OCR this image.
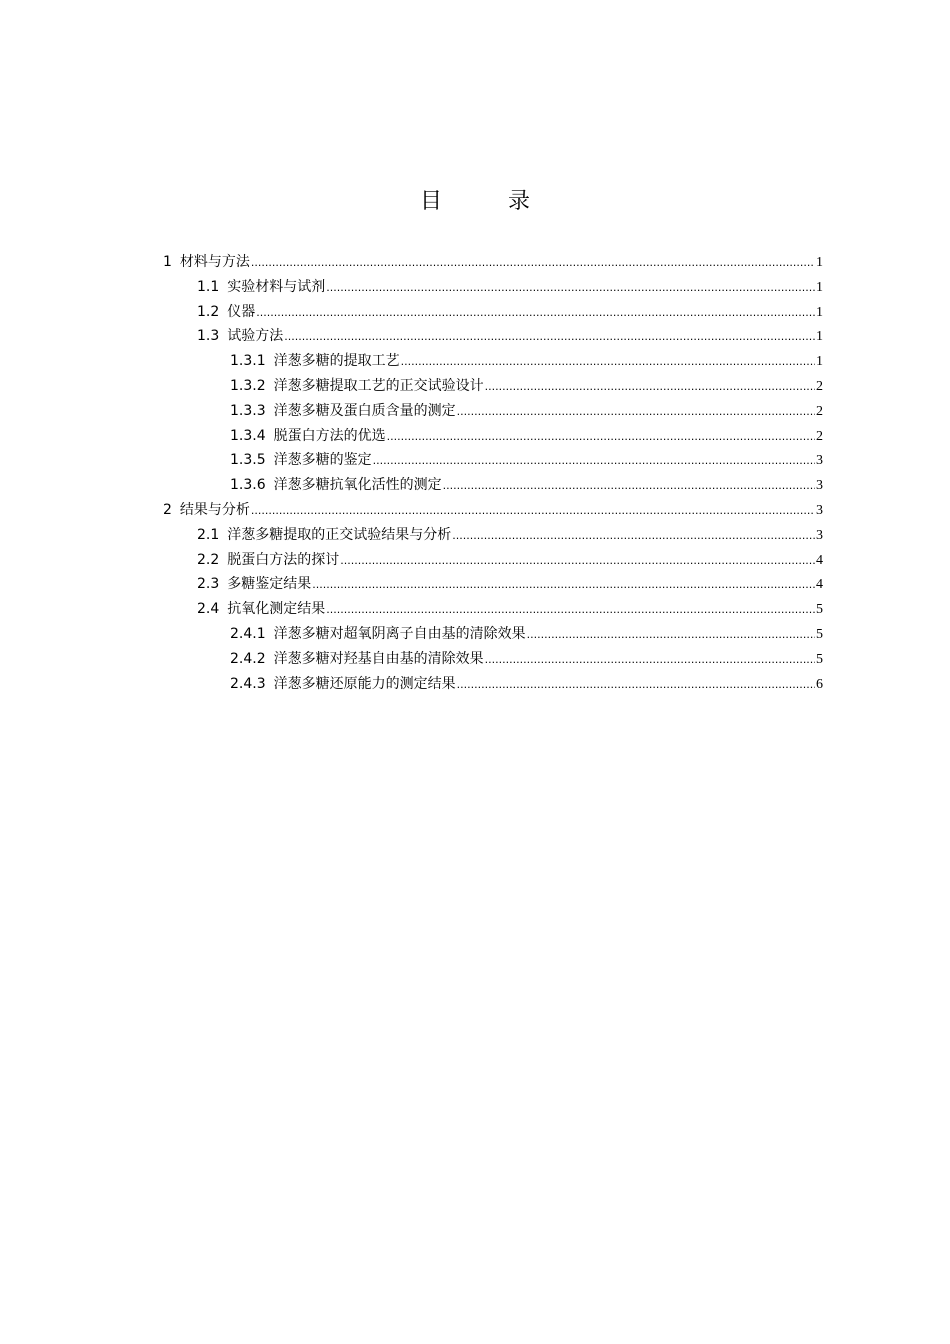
目　录
1 材料与方法 .....	1
1.1 实验材料与试剂 .....	1
1.2 仪器 .....	1
1.3 试验方法 .....	1
1.3.1 洋葱多糖的提取工艺 .....	1
1.3.2 洋葱多糖提取工艺的正交试验设计 .....	2
1.3.3 洋葱多糖及蛋白质含量的测定 .....	2
1.3.4 脱蛋白方法的优选 .....	2
1.3.5 洋葱多糖的鉴定 .....	3
1.3.6 洋葱多糖抗氧化活性的测定 .....	3
2 结果与分析 .....	3
2.1 洋葱多糖提取的正交试验结果与分析 .....	3
2.2 脱蛋白方法的探讨 .....	4
2.3 多糖鉴定结果 .....	4
2.4 抗氧化测定结果 .....	5
2.4.1 洋葱多糖对超氧阴离子自由基的清除效果 .....	5
2.4.2 洋葱多糖对羟基自由基的清除效果 .....	5
2.4.3 洋葱多糖还原能力的测定结果 .....	6
